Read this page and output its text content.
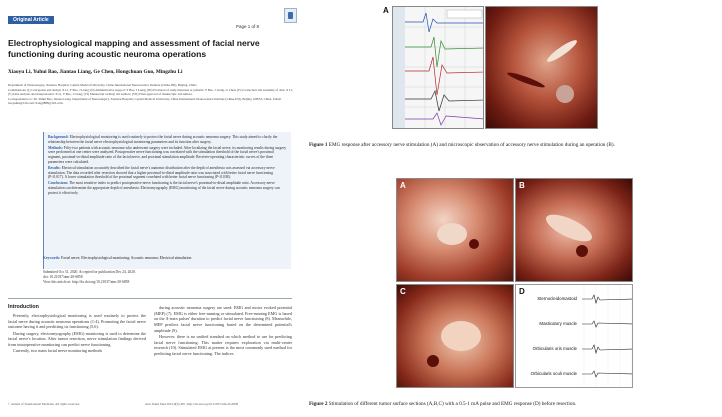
Original Article
Page 1 of 8
Electrophysiological mapping and assessment of facial nerve functioning during acoustic neuroma operations
Xiaoyu Li, Yuhui Bao, Jiantao Liang, Ge Chen, Hongchuan Guo, Mingzhu Li

Department of Neurosurgery, Xuanwu Hospital, Capital Medical University, China International Neuroscience Institute (China-INI), Beijing, China

Contributions: (I) Conception and design: X Li, Y Bao, J Liang; (II) Administrative support: Y Bao, J Liang; (III) Provision of study materials or patients: Y Bao, J Liang, G Chen; (IV) Collection and assembly of data: X Li; (V) Data analysis and interpretation: X Li, Y Bao, J Liang; (VI) Manuscript writing: All authors; (VII) Final approval of manuscript: All authors.

Correspondence to: Dr. Yuhui Bao; Jiantao Liang. Department of Neurosurgery, Xuanwu Hospital, Capital Medical University, China International Neuroscience Institute (China-INI), Beijing 100053, China. Email: baoyuhui@126.com; liangjt888@163.com.

Background: Electrophysiological monitoring is used routinely to protect the facial nerve during acoustic neuroma surgery. This study aimed to clarify the relationship between the facial nerve electrophysiological monitoring parameters and its function after surgery.

Methods: Fifty-two patients with acoustic neuroma who underwent surgery were included. After localizing the facial nerve, its monitoring results during surgery were performed at one center were analyzed. Postoperative nerve functioning was correlated with the stimulation threshold of the facial nerve's proximal segment, proximal-to-distal amplitude ratio of the facial nerve, and proximal stimulation amplitude. Receiver-operating characteristic curves of the three parameters were calculated.

Results: Electrical stimulation accurately described the facial nerve's anatomic distribution after the depth of anesthesia was assessed via accessory nerve stimulation. The data recorded after resection showed that a higher proximal-to-distal amplitude ratio was associated with better facial nerve functioning (P<0.017). A lower stimulation threshold of the proximal segment correlated with better facial nerve functioning (P<0.038).

Conclusions: The most sensitive index to predict postoperative nerve functioning is the facial nerve's proximal-to-distal amplitude ratio. Accessory nerve stimulation can determine the appropriate depth of anesthesia. Electromyography (EMG) monitoring of the facial nerve during acoustic neuroma surgery can protect it effectively.

Keywords: Facial nerve; Electrophysiological monitoring; Acoustic neuroma; Electrical stimulation
Submitted Oct 31, 2020. Accepted for publication Dec 24, 2020.
doi: 10.21037/atm-20-6858
View this article at: http://dx.doi.org/10.21037/atm-20-6858
Introduction

Presently, electrophysiological monitoring is used routinely to protect the facial nerve during acoustic neuroma operations (1-4). Promoting the facial nerve outcome having it and predicting its functioning (5,6).

During surgery, electromyography (EMG) monitoring is used to determine the facial nerve's location. After tumor resection, nerve stimulation findings derived from intraoperative monitoring can predict nerve functioning.

Currently, two main facial nerve monitoring methods

during acoustic neuroma surgery are used: EMG and motor evoked potential (MEP) (7). EMG is either free-running or stimulated. Free-running EMG is based on the A-train pulses' duration to predict facial nerve functioning (8). Meanwhile, MEP predicts facial nerve functioning based on the determined potential's amplitude (9).

However, there is no unified standard on which method to use for predicting facial nerve functioning. This matter requires exploration via multi-center research (10). Stimulated EMG at present is the most commonly used method for predicting facial nerve functioning. The indices

© Annals of Translational Medicine. All rights reserved.	Ann Transl Med 2021;9(5):405 | http://dx.doi.org/10.21037/atm-20-6858
A
Figure 1 EMG response after accessory nerve stimulation (A) and microscopic observation of accessory nerve stimulation during an operation (B).
A	B
C	D
Sternocleidomastoid
Masticatory muscle
Orbicularis oris muscle
Orbicularis oculi muscle
Figure 2 Stimulation of different tumor surface sections (A,B,C) with a 0.5-1 mA pulse and EMG response (D) before resection.
